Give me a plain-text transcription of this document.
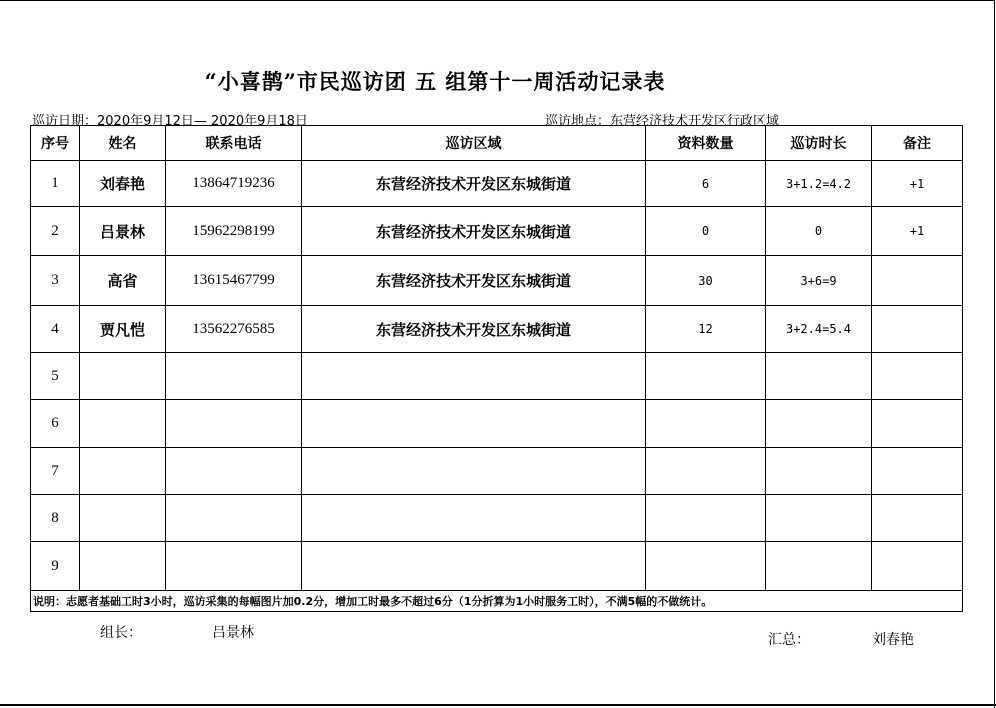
“小喜鹊”市民巡访团 五 组第十一周活动记录表
巡访日期：2020年9月12日— 2020年9月18日	巡访地点：东营经济技术开发区行政区域
序号	姓名	联系电话	巡访区域	资料数量	巡访时长	备注
1	刘春艳	13864719236	东营经济技术开发区东城街道	6	3+1.2=4.2	+1
2	吕景林	15962298199	东营经济技术开发区东城街道	0	0	+1
3	高省	13615467799	东营经济技术开发区东城街道	30	3+6=9	
4	贾凡恺	13562276585	东营经济技术开发区东城街道	12	3+2.4=5.4	
5						
6						
7						
8						
9						
说明：志愿者基础工时3小时，巡访采集的每幅图片加0.2分，增加工时最多不超过6分（1分折算为1小时服务工时），不满5幅的不做统计。						
组长：	吕景林	汇总：	刘春艳
